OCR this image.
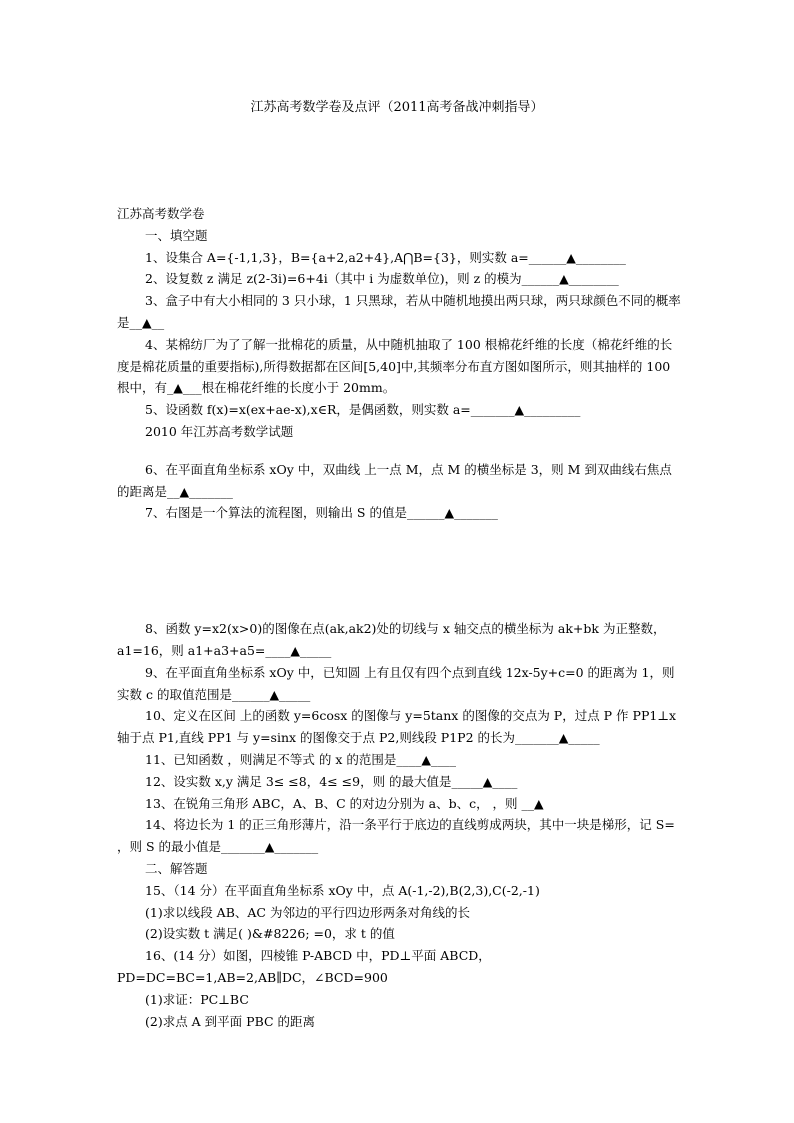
江苏高考数学卷及点评（2011高考备战冲刺指导）

江苏高考数学卷

一、填空题

1、设集合 A={-1,1,3}，B={a+2,a2+4},A⋂B={3}，则实数 a=______▲________

2、设复数 z 满足 z(2-3i)=6+4i（其中 i 为虚数单位)，则 z 的模为______▲________

3、盒子中有大小相同的 3 只小球，1 只黑球，若从中随机地摸出两只球，两只球颜色不同的概率是__▲__

4、某棉纺厂为了了解一批棉花的质量，从中随机抽取了 100 根棉花纤维的长度（棉花纤维的长度是棉花质量的重要指标),所得数据都在区间[5,40]中,其频率分布直方图如图所示，则其抽样的 100 根中，有_▲___根在棉花纤维的长度小于 20mm。

5、设函数 f(x)=x(ex+ae-x),x∈R，是偶函数，则实数 a=_______▲_________

2010 年江苏高考数学试题

6、在平面直角坐标系 xOy 中，双曲线 上一点 M，点 M 的横坐标是 3，则 M 到双曲线右焦点的距离是__▲_______

7、右图是一个算法的流程图，则输出 S 的值是______▲_______

8、函数 y=x2(x>0)的图像在点(ak,ak2)处的切线与 x 轴交点的横坐标为 ak+bk 为正整数，a1=16，则 a1+a3+a5=____▲_____

9、在平面直角坐标系 xOy 中，已知圆 上有且仅有四个点到直线 12x-5y+c=0 的距离为 1，则实数 c 的取值范围是______▲_____

10、定义在区间 上的函数 y=6cosx 的图像与 y=5tanx 的图像的交点为 P，过点 P 作 PP1⊥x 轴于点 P1,直线 PP1 与 y=sinx 的图像交于点 P2,则线段 P1P2 的长为_______▲_____

11、已知函数 ，则满足不等式 的 x 的范围是____▲____

12、设实数 x,y 满足 3≤ ≤8，4≤ ≤9，则 的最大值是_____▲____

13、在锐角三角形 ABC，A、B、C 的对边分别为 a、b、c， ，则 __▲

14、将边长为 1 的正三角形薄片，沿一条平行于底边的直线剪成两块，其中一块是梯形，记 S= ，则 S 的最小值是_______▲_______

二、解答题

15、（14 分）在平面直角坐标系 xOy 中，点 A(-1,-2),B(2,3),C(-2,-1)

(1)求以线段 AB、AC 为邻边的平行四边形两条对角线的长

(2)设实数 t 满足( )&#8226; =0，求 t 的值

16、(14 分）如图，四棱锥 P-ABCD 中，PD⊥平面 ABCD，PD=DC=BC=1,AB=2,AB∥DC，∠BCD=900

(1)求证：PC⊥BC

(2)求点 A 到平面 PBC 的距离
